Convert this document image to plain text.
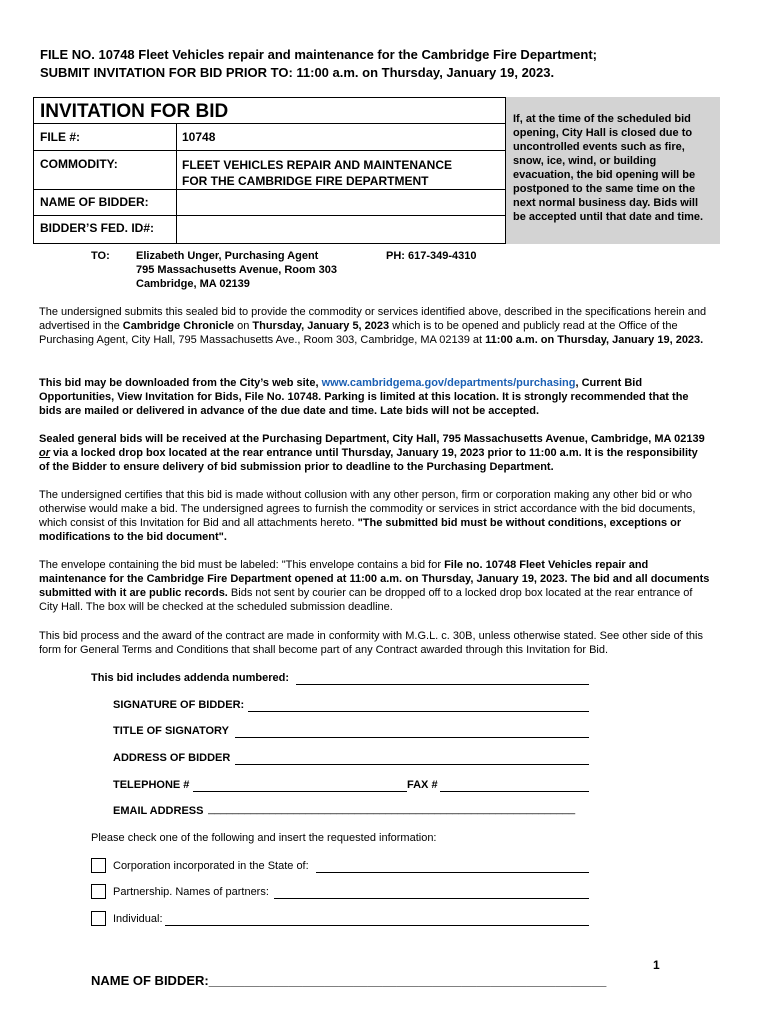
FILE NO. 10748 Fleet Vehicles repair and maintenance for the Cambridge Fire Department;
SUBMIT INVITATION FOR BID PRIOR TO: 11:00 a.m. on Thursday, January 19, 2023.
If, at the time of the scheduled bid opening, City Hall is closed due to uncontrolled events such as fire, snow, ice, wind, or building evacuation, the bid opening will be postponed to the same time on the next normal business day. Bids will be accepted until that date and time.
INVITATION FOR BID
FILE #:	10748
COMMODITY:	FLEET VEHICLES REPAIR AND MAINTENANCE
FOR THE CAMBRIDGE FIRE DEPARTMENT
NAME OF BIDDER:
BIDDER’S FED. ID#:
TO: Elizabeth Unger, Purchasing Agent
795 Massachusetts Avenue, Room 303
Cambridge, MA 02139
PH: 617-349-4310
The undersigned submits this sealed bid to provide the commodity or services identified above, described in the specifications herein and advertised in the Cambridge Chronicle on Thursday, January 5, 2023 which is to be opened and publicly read at the Office of the Purchasing Agent, City Hall, 795 Massachusetts Ave., Room 303, Cambridge, MA 02139 at 11:00 a.m. on Thursday, January 19, 2023.
This bid may be downloaded from the City’s web site, www.cambridgema.gov/departments/purchasing, Current Bid Opportunities, View Invitation for Bids, File No. 10748. Parking is limited at this location. It is strongly recommended that the bids are mailed or delivered in advance of the due date and time. Late bids will not be accepted.
Sealed general bids will be received at the Purchasing Department, City Hall, 795 Massachusetts Avenue, Cambridge, MA 02139 or via a locked drop box located at the rear entrance until Thursday, January 19, 2023 prior to 11:00 a.m. It is the responsibility of the Bidder to ensure delivery of bid submission prior to deadline to the Purchasing Department.
The undersigned certifies that this bid is made without collusion with any other person, firm or corporation making any other bid or who otherwise would make a bid. The undersigned agrees to furnish the commodity or services in strict accordance with the bid documents, which consist of this Invitation for Bid and all attachments hereto. "The submitted bid must be without conditions, exceptions or modifications to the bid document".
The envelope containing the bid must be labeled: "This envelope contains a bid for File no. 10748 Fleet Vehicles repair and maintenance for the Cambridge Fire Department opened at 11:00 a.m. on Thursday, January 19, 2023. The bid and all documents submitted with it are public records. Bids not sent by courier can be dropped off to a locked drop box located at the rear entrance of City Hall. The box will be checked at the scheduled submission deadline.
This bid process and the award of the contract are made in conformity with M.G.L. c. 30B, unless otherwise stated. See other side of this form for General Terms and Conditions that shall become part of any Contract awarded through this Invitation for Bid.
This bid includes addenda numbered:
SIGNATURE OF BIDDER:
TITLE OF SIGNATORY
ADDRESS OF BIDDER
TELEPHONE #	FAX #
EMAIL ADDRESS ____________________________________________________________
Please check one of the following and insert the requested information:
Corporation incorporated in the State of:
Partnership. Names of partners:
Individual:
1
NAME OF BIDDER:_______________________________________________________
